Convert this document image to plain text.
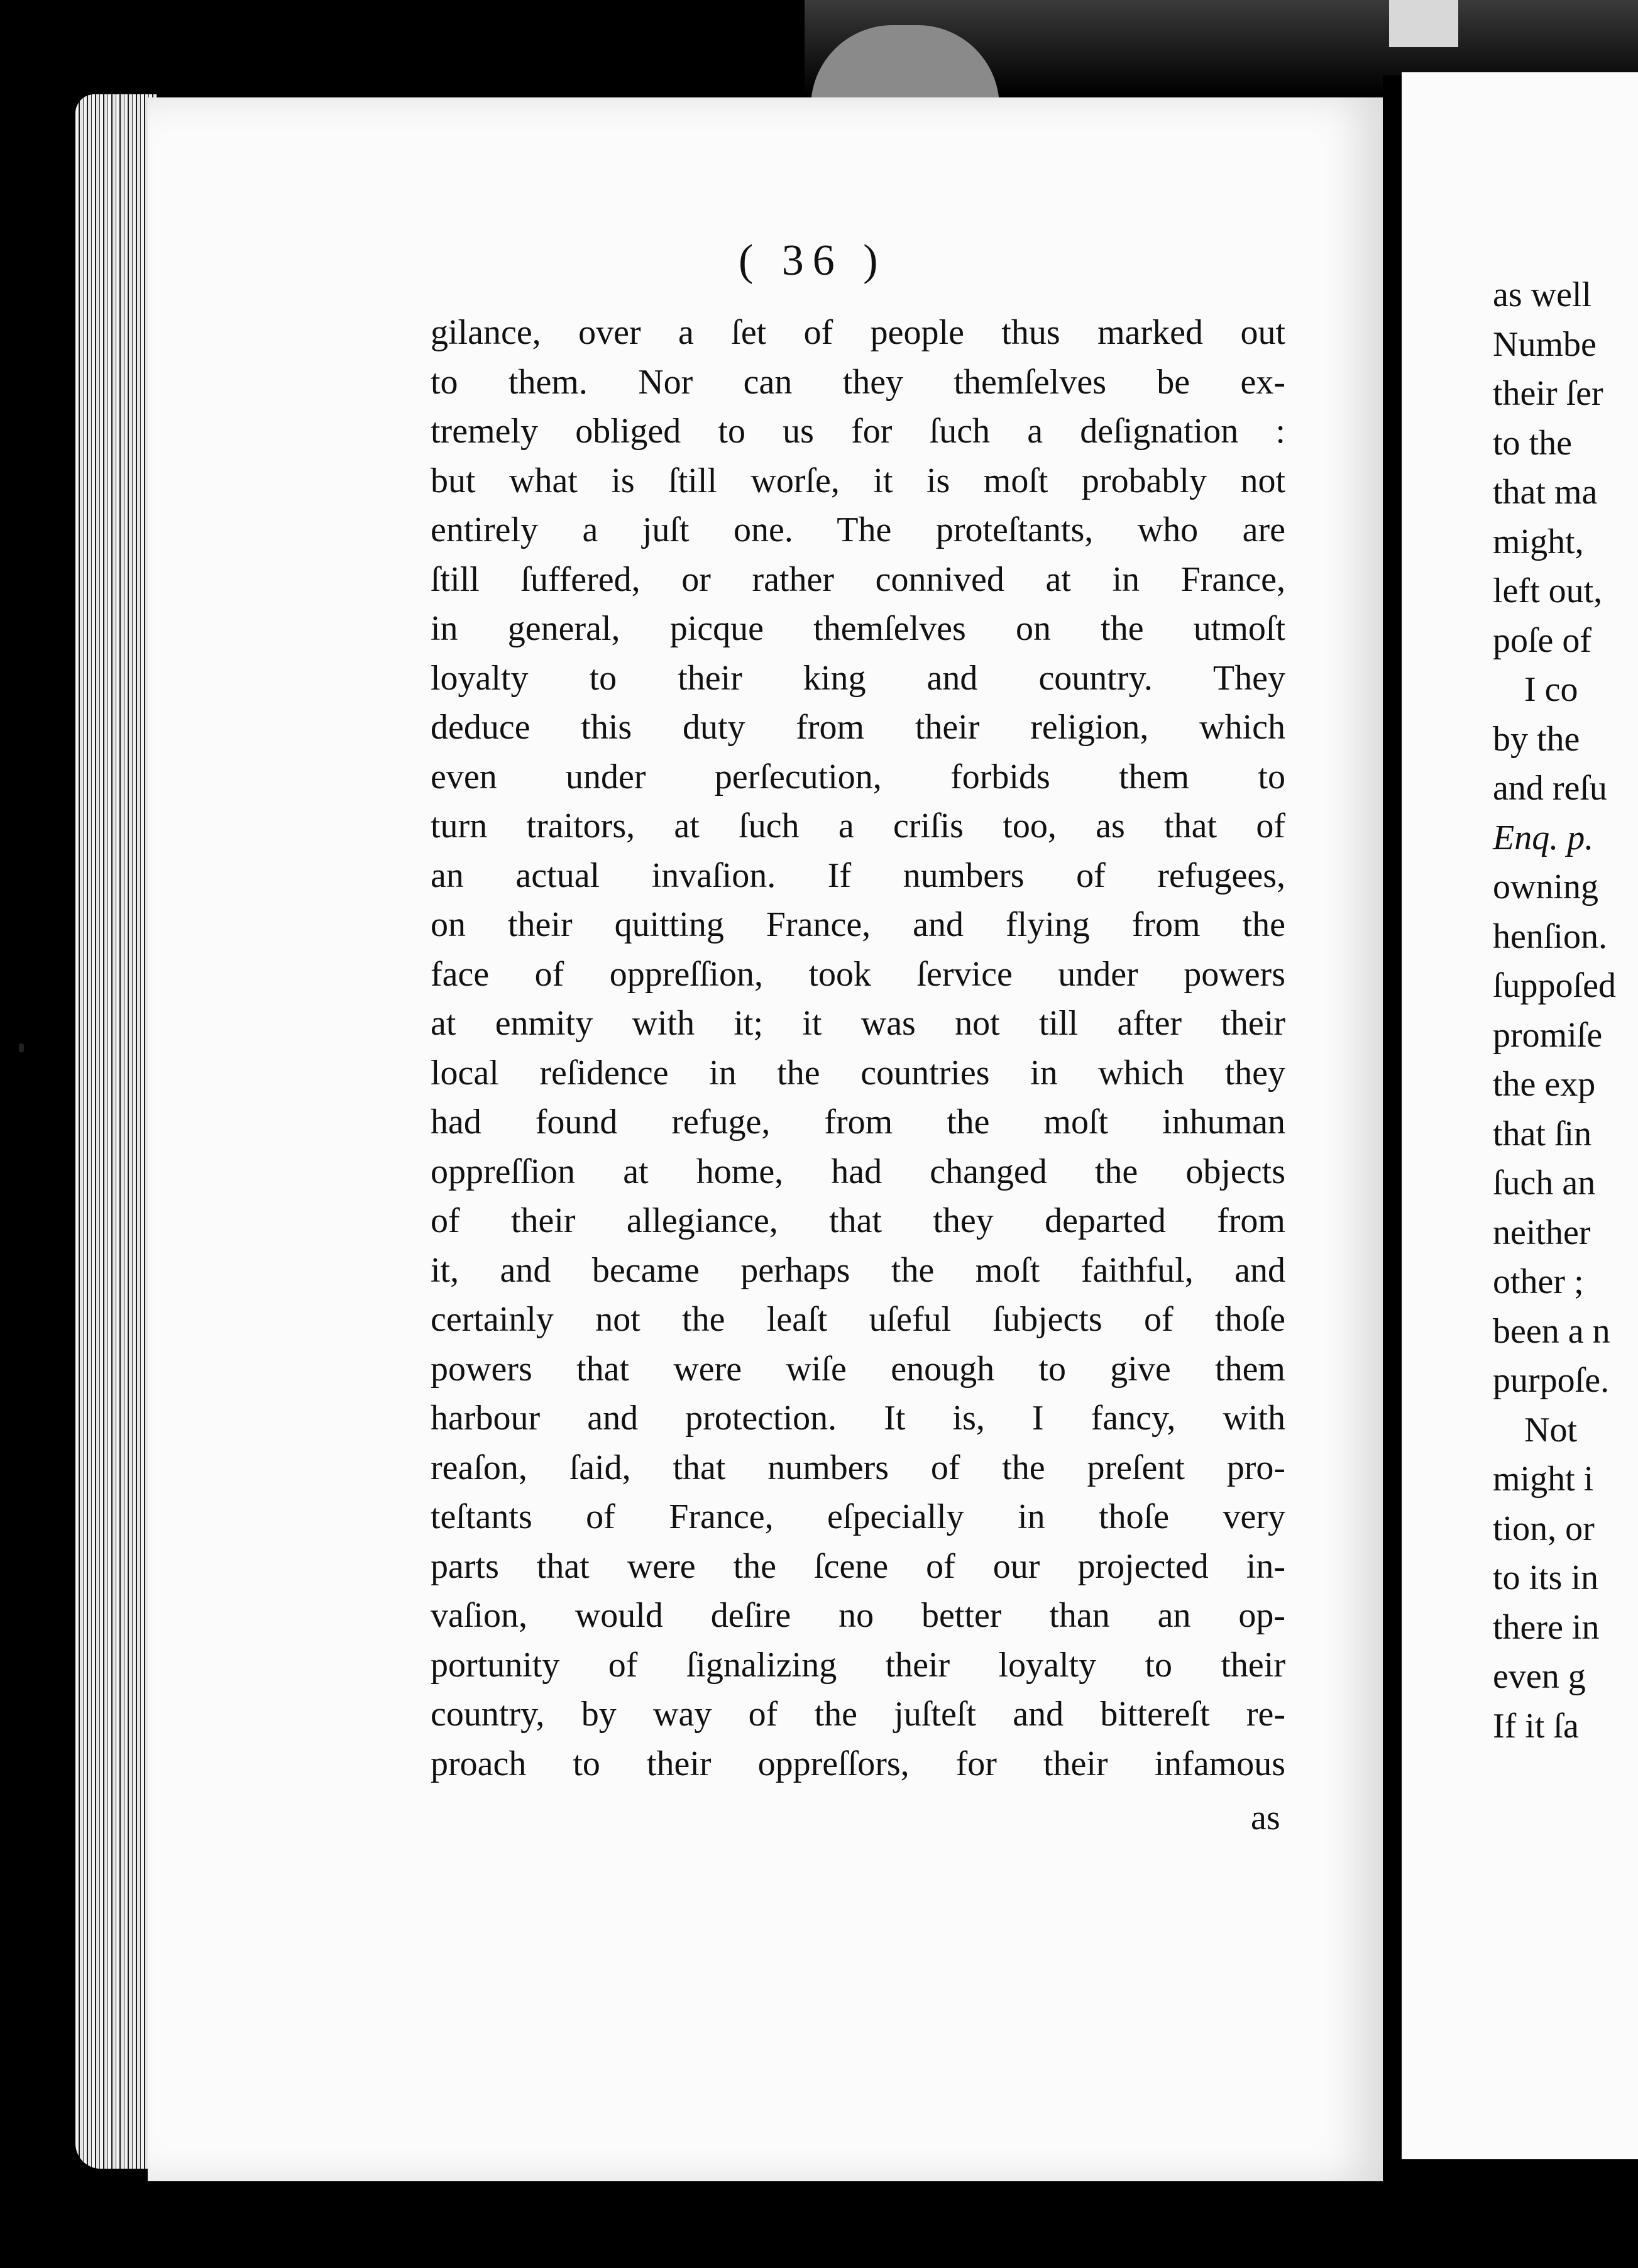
( 36 )
gilance, over a ſet of people thus marked out
to them. Nor can they themſelves be ex-
tremely obliged to us for ſuch a deſignation :
but what is ſtill worſe, it is moſt probably not
entirely a juſt one. The proteſtants, who are
ſtill ſuffered, or rather connived at in France,
in general, picque themſelves on the utmoſt
loyalty to their king and country. They
deduce this duty from their religion, which
even under perſecution, forbids them to
turn traitors, at ſuch a criſis too, as that of
an actual invaſion. If numbers of refugees,
on their quitting France, and flying from the
face of oppreſſion, took ſervice under powers
at enmity with it; it was not till after their
local reſidence in the countries in which they
had found refuge, from the moſt inhuman
oppreſſion at home, had changed the objects
of their allegiance, that they departed from
it, and became perhaps the moſt faithful, and
certainly not the leaſt uſeful ſubjects of thoſe
powers that were wiſe enough to give them
harbour and protection. It is, I fancy, with
reaſon, ſaid, that numbers of the preſent pro-
teſtants of France, eſpecially in thoſe very
parts that were the ſcene of our projected in-
vaſion, would deſire no better than an op-
portunity of ſignalizing their loyalty to their
country, by way of the juſteſt and bittereſt re-
proach to their oppreſſors, for their infamous
as
as well
Numbe
their ſer
to the
that ma
might,
left out,
poſe of
I co
by the
and reſu
Enq. p.
owning
henſion.
ſuppoſed
promiſe
the exp
that ſin
ſuch an
neither
other ;
been a n
purpoſe.
Not
might i
tion, or
to its in
there in
even g
If it ſa
